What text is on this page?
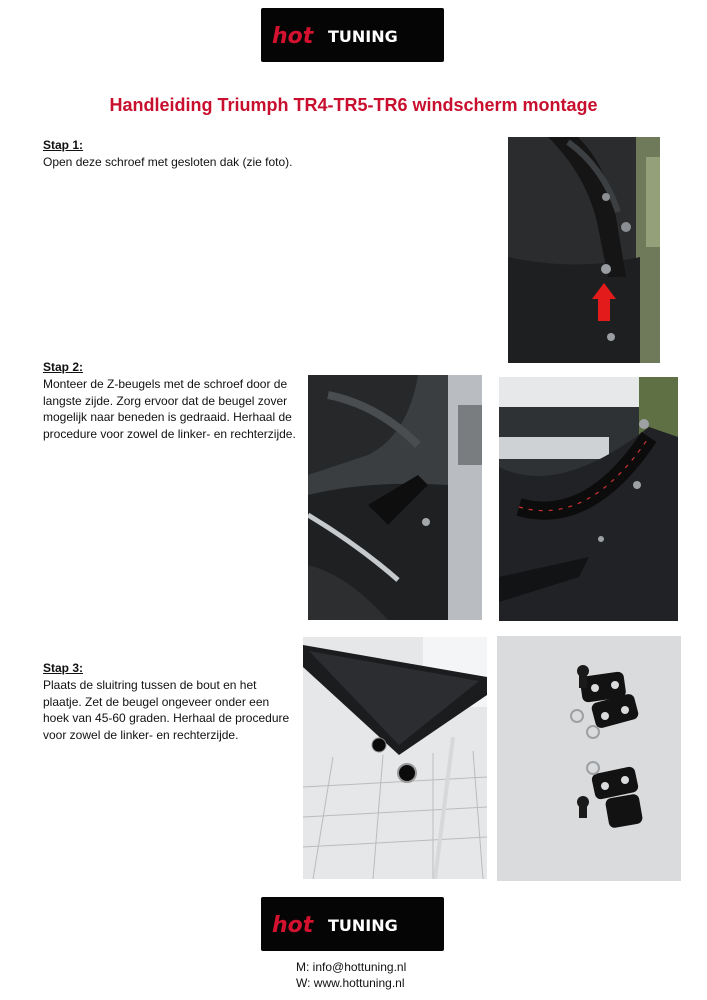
hot TUNING
Handleiding Triumph TR4-TR5-TR6 windscherm montage
Stap 1:
Open deze schroef met gesloten dak (zie foto).
Stap 2:
Monteer de Z-beugels met de schroef door de
langste zijde. Zorg ervoor dat de beugel zover
mogelijk naar beneden is gedraaid. Herhaal de
procedure voor zowel de linker- en rechterzijde.
Stap 3:
Plaats de sluitring tussen de bout en het
plaatje. Zet de beugel ongeveer onder een
hoek van 45-60 graden. Herhaal de procedure
voor zowel de linker- en rechterzijde.
hot TUNING
M: info@hottuning.nl
W: www.hottuning.nl
